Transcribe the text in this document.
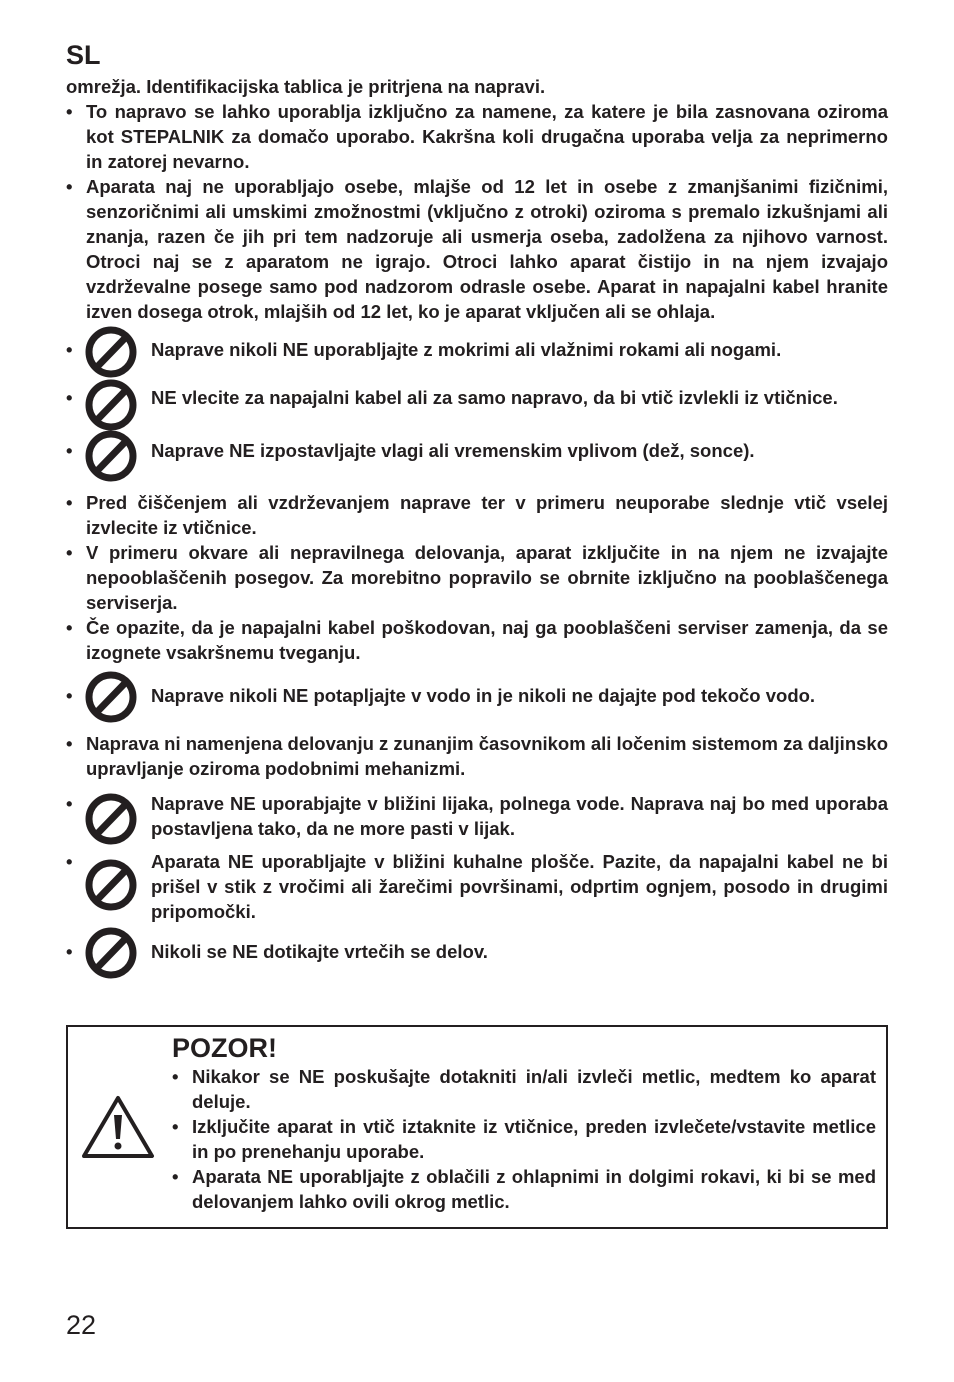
SL
omrežja. Identifikacijska tablica je pritrjena na napravi.
• To napravo se lahko uporablja izključno za namene, za katere je bila zasnovana oziroma kot STEPALNIK za domačo uporabo. Kakršna koli drugačna uporaba velja za neprimerno in zatorej nevarno.
• Aparata naj ne uporabljajo osebe, mlajše od 12 let in osebe z zmanjšanimi fizičnimi, senzoričnimi ali umskimi zmožnostmi (vključno z otroki) oziroma s premalo izkušnjami ali znanja, razen če jih pri tem nadzoruje ali usmerja oseba, zadolžena za njihovo varnost. Otroci naj se z aparatom ne igrajo. Otroci lahko aparat čistijo in na njem izvajajo vzdrževalne posege samo pod nadzorom odrasle osebe. Aparat in napajalni kabel hranite izven dosega otrok, mlajših od 12 let, ko je aparat vključen ali se ohlaja.
•	Naprave nikoli NE uporabljajte z mokrimi ali vlažnimi rokami ali nogami.
•	NE vlecite za napajalni kabel ali za samo napravo, da bi vtič izvlekli iz vtičnice.
•	Naprave NE izpostavljajte vlagi ali vremenskim vplivom (dež, sonce).
• Pred čiščenjem ali vzdrževanjem naprave ter v primeru neuporabe slednje vtič vselej izvlecite iz vtičnice.
• V primeru okvare ali nepravilnega delovanja, aparat izključite in na njem ne izvajajte nepooblaščenih posegov. Za morebitno popravilo se obrnite izključno na pooblaščenega serviserja.
• Če opazite, da je napajalni kabel poškodovan, naj ga pooblaščeni serviser zamenja, da se izognete vsakršnemu tveganju.
•	Naprave nikoli NE potapljajte v vodo in je nikoli ne dajajte pod tekočo vodo.
• Naprava ni namenjena delovanju z zunanjim časovnikom ali ločenim sistemom za daljinsko upravljanje oziroma podobnimi mehanizmi.
•	Naprave NE uporabjajte v bližini lijaka, polnega vode. Naprava naj bo med uporaba postavljena tako, da ne more pasti v lijak.
•	Aparata NE uporabljajte v bližini kuhalne plošče. Pazite, da napajalni kabel ne bi prišel v stik z vročimi ali žarečimi površinami, odprtim ognjem, posodo in drugimi pripomočki.
•	Nikoli se NE dotikajte vrtečih se delov.
POZOR!
• Nikakor se NE poskušajte dotakniti in/ali izvleči metlic, medtem ko aparat deluje.
• Izključite aparat in vtič iztaknite iz vtičnice, preden izvlečete/vstavite metlice in po prenehanju uporabe.
• Aparata NE uporabljajte z oblačili z ohlapnimi in dolgimi rokavi, ki bi se med delovanjem lahko ovili okrog metlic.
22
